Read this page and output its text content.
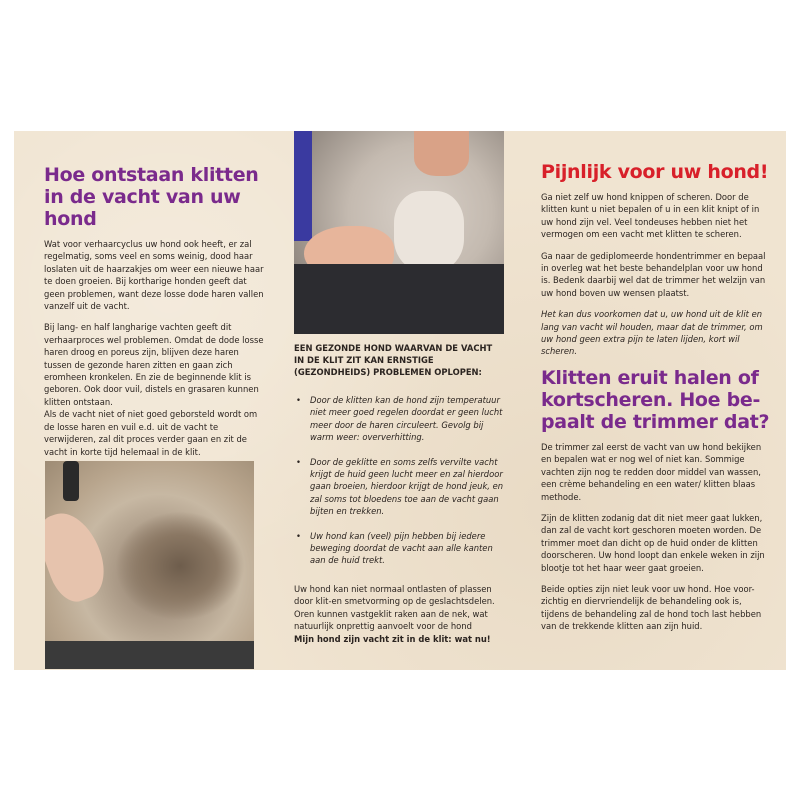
Hoe ontstaan klitten in de vacht van uw hond

Wat voor verhaarcyclus uw hond ook heeft, er zal regelmatig, soms veel en soms weinig, dood haar loslaten uit de haarzakjes om weer een nieuwe haar te doen groeien. Bij kortharige honden geeft dat geen problemen, want deze losse dode haren vallen vanzelf uit de vacht.

Bij lang- en half langharige vachten geeft dit verhaarproces wel problemen. Omdat de dode losse haren droog en poreus zijn, blijven deze haren tussen de gezonde haren zitten en gaan zich eromheen kronkelen. En zie de beginnende klit is geboren. Ook door vuil, distels en grasaren kunnen klitten ontstaan.

Als de vacht niet of niet goed geborsteld wordt om de losse haren en vuil e.d. uit de vacht te verwijderen, zal dit proces verder gaan en zit de vacht in korte tijd helemaal in de klit.

EEN GEZONDE HOND WAARVAN DE VACHT IN DE KLIT ZIT KAN ERNSTIGE (GEZONDHEIDS) PROBLEMEN OPLOPEN:
• Door de klitten kan de hond zijn temperatuur niet meer goed regelen doordat er geen lucht meer door de haren circuleert. Gevolg bij warm weer: oververhitting.
• Door de geklitte en soms zelfs vervilte vacht krijgt de huid geen lucht meer en zal hierdoor gaan broeien, hierdoor krijgt de hond jeuk, en zal soms tot bloedens toe aan de vacht gaan bijten en trekken.
• Uw hond kan (veel) pijn hebben bij iedere beweging doordat de vacht aan alle kanten aan de huid trekt.
Uw hond kan niet normaal ontlasten of plassen door klit-en smetvorming op de geslachtsdelen. Oren kunnen vastgeklit raken aan de nek, wat natuurlijk onprettig aanvoelt voor de hond
Mijn hond zijn vacht zit in de klit: wat nu!
Pijnlijk voor uw hond!

Ga niet zelf uw hond knippen of scheren. Door de klitten kunt u niet bepalen of u in een klit knipt of in uw hond zijn vel. Veel tondeuses hebben niet het vermogen om een vacht met klitten te scheren.

Ga naar de gediplomeerde hondentrimmer en bepaal in overleg wat het beste behandelplan voor uw hond is. Bedenk daarbij wel dat de trimmer het welzijn van uw hond boven uw wensen plaatst.

Het kan dus voorkomen dat u, uw hond uit de klit en lang van vacht wil houden, maar dat de trimmer, om uw hond geen extra pijn te laten lijden, kort wil scheren.

Klitten eruit halen of kortscheren. Hoe be-paalt de trimmer dat?

De trimmer zal eerst de vacht van uw hond bekijken en bepalen wat er nog wel of niet kan. Sommige vachten zijn nog te redden door middel van wassen, een crème behandeling en een water/ klitten blaas methode.

Zijn de klitten zodanig dat dit niet meer gaat lukken, dan zal de vacht kort geschoren moeten worden. De trimmer moet dan dicht op de huid onder de klitten doorscheren. Uw hond loopt dan enkele weken in zijn blootje tot het haar weer gaat groeien.

Beide opties zijn niet leuk voor uw hond. Hoe voor-zichtig en diervriendelijk de behandeling ook is, tijdens de behandeling zal de hond toch last hebben van de trekkende klitten aan zijn huid.
